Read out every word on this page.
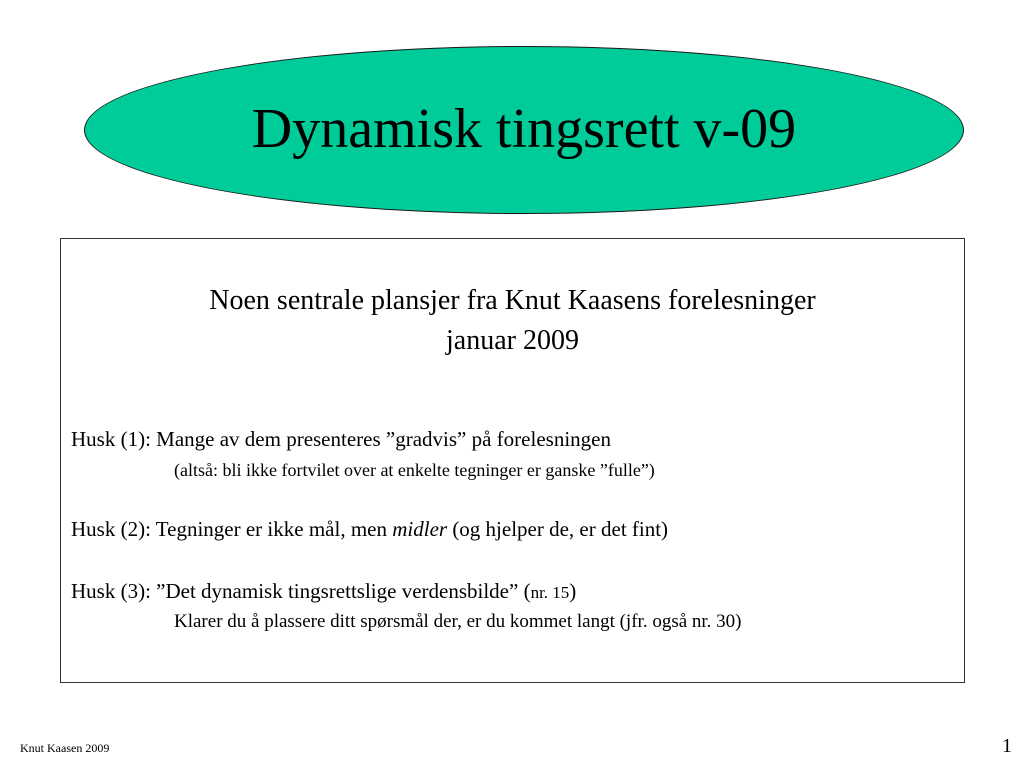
Dynamisk tingsrett v-09
Noen sentrale plansjer fra Knut Kaasens forelesninger
januar 2009
Husk (1): Mange av dem presenteres ”gradvis” på forelesningen
(altså: bli ikke fortvilet over at enkelte tegninger er ganske ”fulle”)
Husk (2): Tegninger er ikke mål, men midler (og hjelper de, er det fint)
Husk (3): ”Det dynamisk tingsrettslige verdensbilde” (nr. 15)
Klarer du å plassere ditt spørsmål der, er du kommet langt (jfr. også nr. 30)
Knut Kaasen 2009	1
